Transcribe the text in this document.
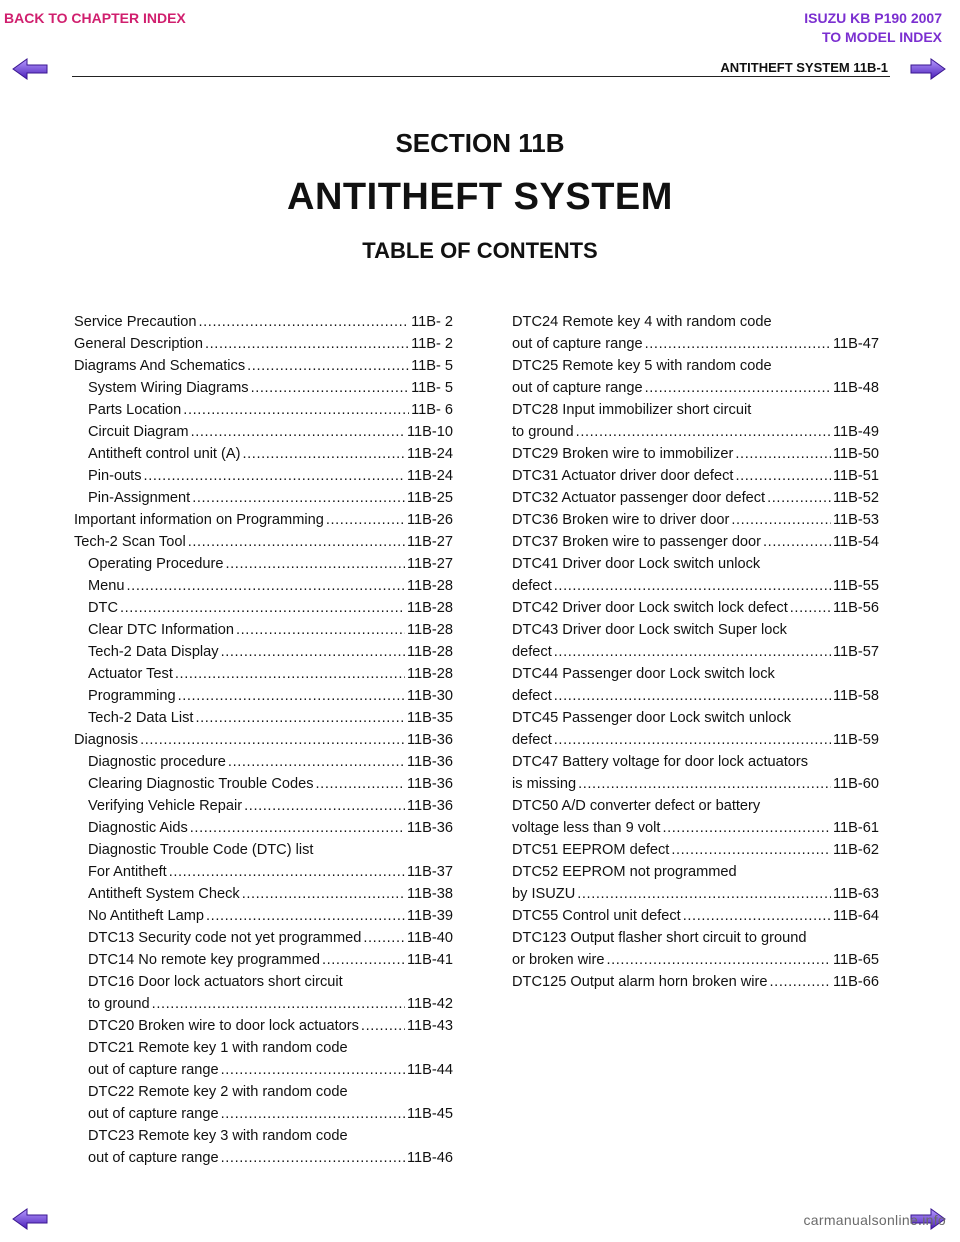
BACK TO CHAPTER INDEX	ISUZU KB P190 2007
TO MODEL INDEX
ANTITHEFT SYSTEM 11B-1
SECTION 11B
ANTITHEFT SYSTEM
TABLE OF CONTENTS
Service Precaution .....	11B- 2
General Description .....	11B- 2
Diagrams And Schematics .....	11B- 5
System Wiring Diagrams .....	11B- 5
Parts Location .....	11B- 6
Circuit Diagram .....	11B-10
Antitheft control unit (A) .....	11B-24
Pin-outs .....	11B-24
Pin-Assignment .....	11B-25
Important information on Programming .....	11B-26
Tech-2 Scan Tool .....	11B-27
Operating Procedure .....	11B-27
Menu .....	11B-28
DTC .....	11B-28
Clear DTC Information .....	11B-28
Tech-2 Data Display .....	11B-28
Actuator Test .....	11B-28
Programming .....	11B-30
Tech-2 Data List .....	11B-35
Diagnosis .....	11B-36
Diagnostic procedure .....	11B-36
Clearing Diagnostic Trouble Codes .....	11B-36
Verifying Vehicle Repair .....	11B-36
Diagnostic Aids .....	11B-36
Diagnostic Trouble Code (DTC) list
For Antitheft .....	11B-37
Antitheft System Check .....	11B-38
No Antitheft Lamp .....	11B-39
DTC13 Security code not yet programmed .....	11B-40
DTC14 No remote key programmed .....	11B-41
DTC16 Door lock actuators short circuit
to ground .....	11B-42
DTC20 Broken wire to door lock actuators .....	11B-43
DTC21 Remote key 1 with random code
out of capture range .....	11B-44
DTC22 Remote key 2 with random code
out of capture range .....	11B-45
DTC23 Remote key 3 with random code
out of capture range .....	11B-46
DTC24 Remote key 4 with random code
out of capture range .....	11B-47
DTC25 Remote key 5 with random code
out of capture range .....	11B-48
DTC28 Input immobilizer short circuit
to ground .....	11B-49
DTC29 Broken wire to immobilizer .....	11B-50
DTC31 Actuator driver door defect .....	11B-51
DTC32 Actuator passenger door defect .....	11B-52
DTC36 Broken wire to driver door .....	11B-53
DTC37 Broken wire to passenger door .....	11B-54
DTC41 Driver door Lock switch unlock
defect .....	11B-55
DTC42 Driver door Lock switch lock defect .....	11B-56
DTC43 Driver door Lock switch Super lock
defect .....	11B-57
DTC44 Passenger door Lock switch lock
defect .....	11B-58
DTC45 Passenger door Lock switch unlock
defect .....	11B-59
DTC47 Battery voltage for door lock actuators
is missing .....	11B-60
DTC50 A/D converter defect or battery
voltage less than 9 volt .....	11B-61
DTC51 EEPROM defect .....	11B-62
DTC52 EEPROM not programmed
by ISUZU .....	11B-63
DTC55 Control unit defect .....	11B-64
DTC123 Output flasher short circuit to ground
or broken wire .....	11B-65
DTC125 Output alarm horn broken wire .....	11B-66
carmanualsonline.info
